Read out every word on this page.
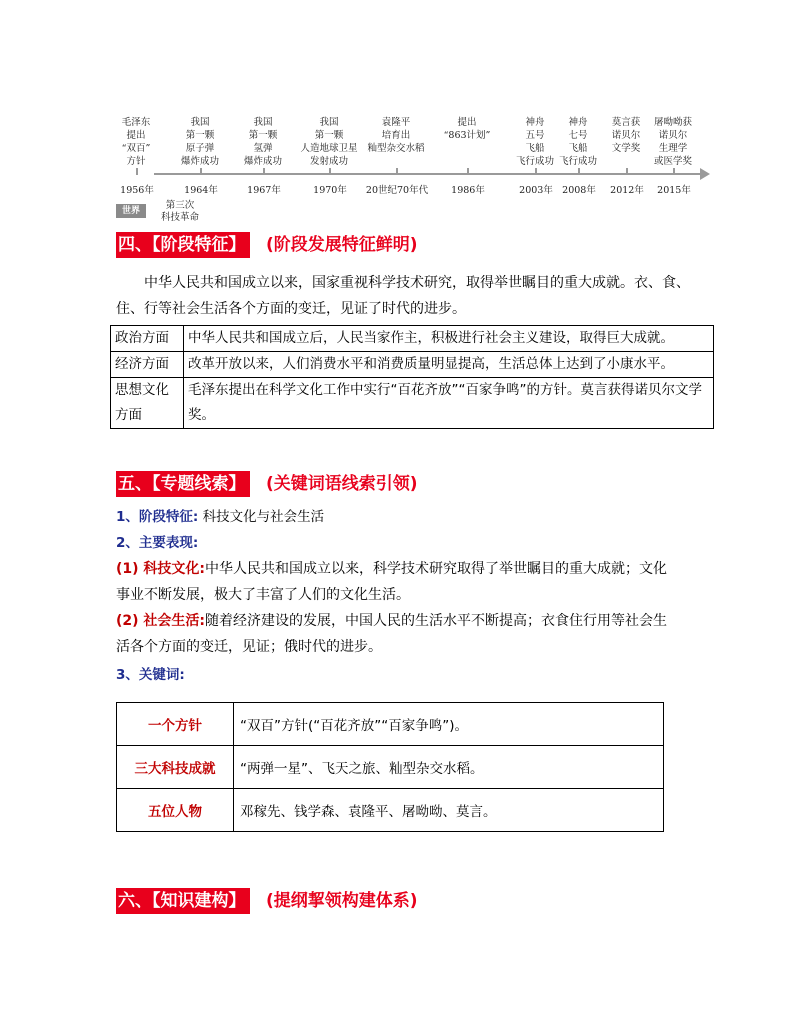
毛泽东
提出
“双百”
方针
1956年
我国
第一颗
原子弹
爆炸成功
1964年
我国
第一颗
氢弹
爆炸成功
1967年
我国
第一颗
人造地球卫星
发射成功
1970年
袁隆平
培育出
籼型杂交水稻
20世纪70年代
提出
“863计划”
1986年
神舟
五号
飞船
飞行成功
2003年
神舟
七号
飞船
飞行成功
2008年
莫言获
诺贝尔
文学奖
2012年
屠呦呦获
诺贝尔
生理学
或医学奖
2015年
世界	第三次
科技革命
四、【阶段特征】 (阶段发展特征鲜明)
中华人民共和国成立以来，国家重视科学技术研究，取得举世瞩目的重大成就。衣、食、住、行等社会生活各个方面的变迁，见证了时代的进步。
政治方面	中华人民共和国成立后，人民当家作主，积极进行社会主义建设，取得巨大成就。
经济方面	改革开放以来，人们消费水平和消费质量明显提高，生活总体上达到了小康水平。
思想文化方面	毛泽东提出在科学文化工作中实行“百花齐放”“百家争鸣”的方针。莫言获得诺贝尔文学奖。
五、【专题线索】 (关键词语线索引领)
1、阶段特征: 科技文化与社会生活
2、主要表现:
(1) 科技文化:中华人民共和国成立以来，科学技术研究取得了举世瞩目的重大成就；文化事业不断发展，极大了丰富了人们的文化生活。
(2) 社会生活:随着经济建设的发展，中国人民的生活水平不断提高；衣食住行用等社会生活各个方面的变迁，见证；俄时代的进步。
3、关键词:
一个方针	“双百”方针(“百花齐放”“百家争鸣”)。
三大科技成就	“两弹一星”、飞天之旅、籼型杂交水稻。
五位人物	邓稼先、钱学森、袁隆平、屠呦呦、莫言。
六、【知识建构】 (提纲挈领构建体系)
